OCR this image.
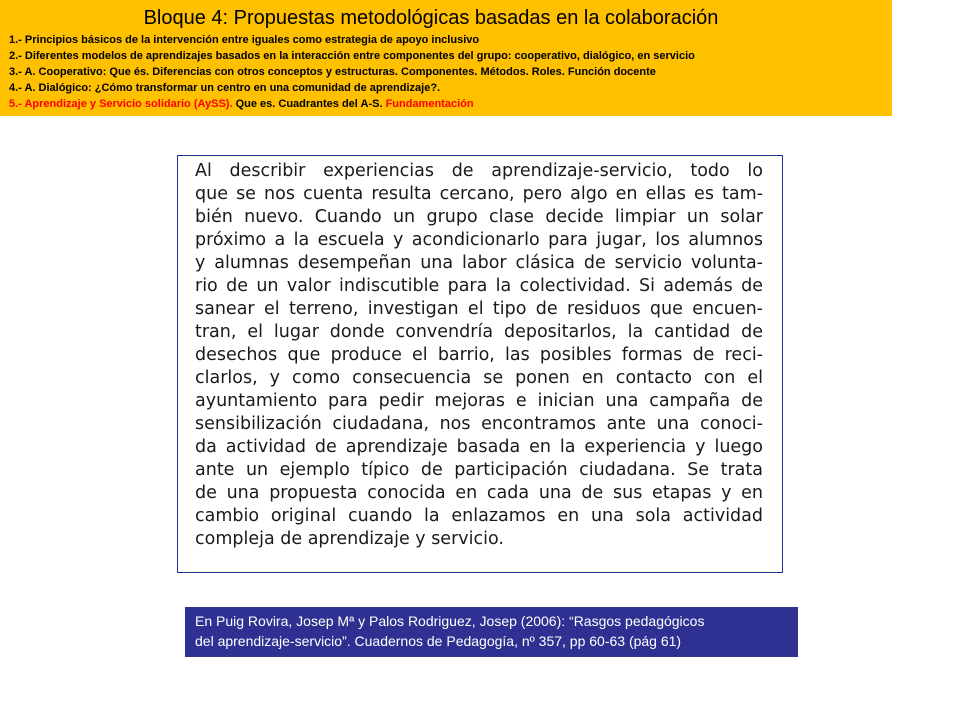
Bloque 4: Propuestas metodológicas basadas en la colaboración
1.- Principios básicos de la intervención entre iguales como estrategia de apoyo inclusivo
2.- Diferentes modelos de aprendizajes basados en la interacción entre componentes del grupo: cooperativo, dialógico, en servicio
3.- A. Cooperativo: Que és. Diferencias con otros conceptos y estructuras. Componentes. Métodos. Roles. Función docente
4.- A. Dialógico: ¿Cómo transformar un centro en una comunidad de aprendizaje?.
5.- Aprendizaje y Servicio solidario (AySS). Que es. Cuadrantes del A-S. Fundamentación
Al describir experiencias de aprendizaje-servicio, todo lo
que se nos cuenta resulta cercano, pero algo en ellas es tam-
bién nuevo. Cuando un grupo clase decide limpiar un solar
próximo a la escuela y acondicionarlo para jugar, los alumnos
y alumnas desempeñan una labor clásica de servicio volunta-
rio de un valor indiscutible para la colectividad. Si además de
sanear el terreno, investigan el tipo de residuos que encuen-
tran, el lugar donde convendría depositarlos, la cantidad de
desechos que produce el barrio, las posibles formas de reci-
clarlos, y como consecuencia se ponen en contacto con el
ayuntamiento para pedir mejoras e inician una campaña de
sensibilización ciudadana, nos encontramos ante una conoci-
da actividad de aprendizaje basada en la experiencia y luego
ante un ejemplo típico de participación ciudadana. Se trata
de una propuesta conocida en cada una de sus etapas y en
cambio original cuando la enlazamos en una sola actividad
compleja de aprendizaje y servicio.
En Puig Rovira, Josep Mª y Palos Rodriguez, Josep (2006): “Rasgos pedagógicos
del aprendizaje-servicio”. Cuadernos de Pedagogía, nº 357, pp 60-63 (pág 61)
